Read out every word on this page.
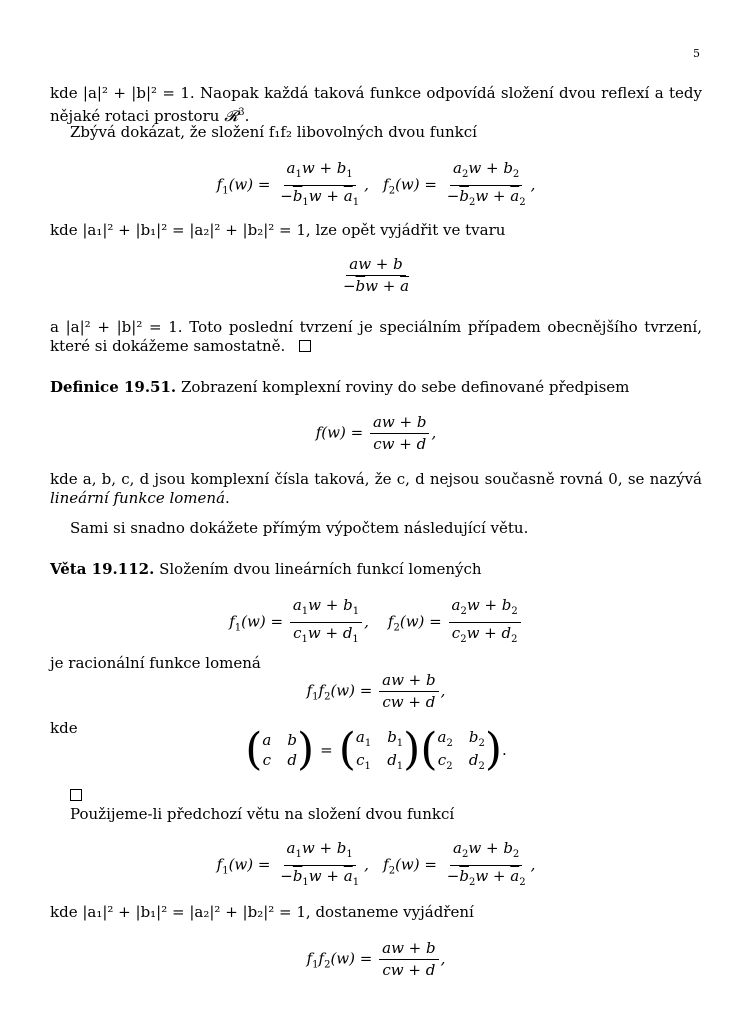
5
kde |a|² + |b|² = 1. Naopak každá taková funkce odpovídá složení dvou reflexí a tedy nějaké rotaci prostoru 𝓡$^3$.
Zbývá dokázat, že složení f₁f₂ libovolných dvou funkcí
$f_1(w) = \frac{a_1w + b_1}{-\overline{b}_1w + \overline{a}_1}$ ,   $f_2(w) = \frac{a_2w + b_2}{-\overline{b}_2w + \overline{a}_2}$ ,
kde |a₁|² + |b₁|² = |a₂|² + |b₂|² = 1, lze opět vyjádřit ve tvaru
$\frac{aw + b}{-\overline{b}w + \overline{a}}$
a |a|² + |b|² = 1. Toto poslední tvrzení je speciálním případem obecnějšího tvrzení, které si dokážeme samostatně.
Definice 19.51. Zobrazení komplexní roviny do sebe definované předpisem
$f(w) = \frac{aw + b}{cw + d}$ ,
kde a, b, c, d jsou komplexní čísla taková, že c, d nejsou současně rovná 0, se nazývá lineární funkce lomená.
Sami si snadno dokážete přímým výpočtem následující větu.
Věta 19.112. Složením dvou lineárních funkcí lomených
$f_1(w) = \frac{a_1w + b_1}{c_1w + d_1}$ ,    $f_2(w) = \frac{a_2w + b_2}{c_2w + d_2}$
je racionální funkce lomená
$f_1f_2(w) = \frac{aw + b}{cw + d}$ ,
kde	( a b
c d ) = ( $a_1$ $b_1$
$c_1$ $d_1$ ) ( $a_2$ $b_2$
$c_2$ $d_2$ ) .
Použijeme-li předchozí větu na složení dvou funkcí
$f_1(w) = \frac{a_1w + b_1}{-\overline{b}_1w + \overline{a}_1}$ ,   $f_2(w) = \frac{a_2w + b_2}{-\overline{b}_2w + \overline{a}_2}$ ,
kde |a₁|² + |b₁|² = |a₂|² + |b₂|² = 1, dostaneme vyjádření
$f_1f_2(w) = \frac{aw + b}{cw + d}$ ,
